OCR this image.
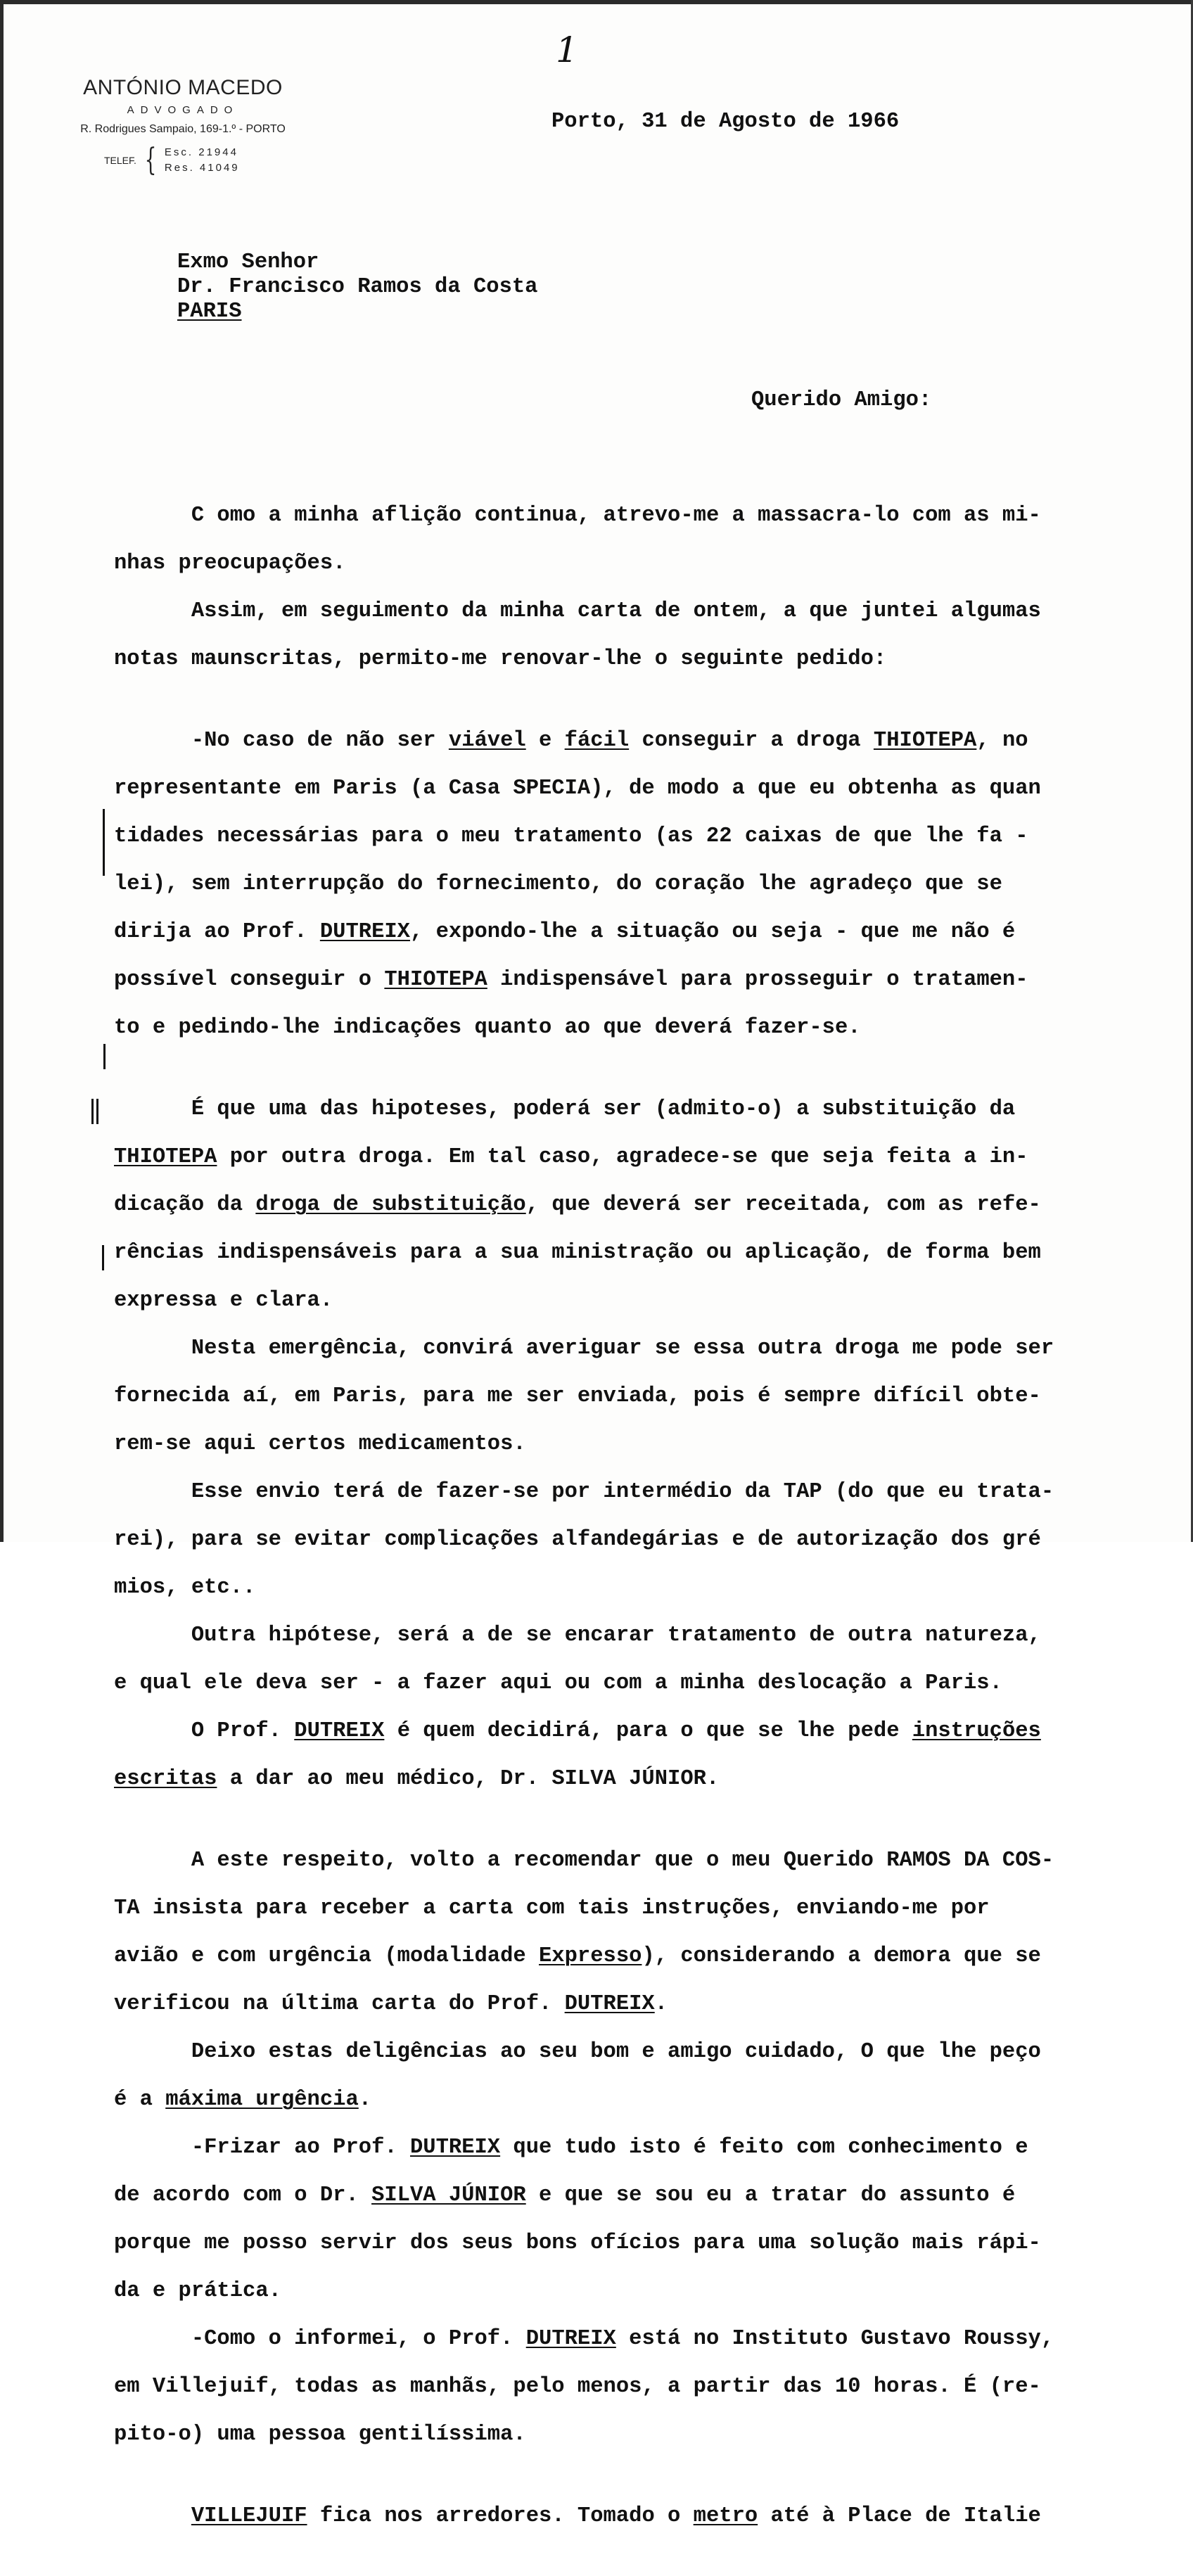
ANTÓNIO MACEDO
ADVOGADO
R. Rodrigues Sampaio, 169-1.º - PORTO
TELEF. { Esc. 21944
Res. 41049
1
Porto, 31 de Agosto de 1966
Exmo Senhor
Dr. Francisco Ramos da Costa
PARIS
Querido Amigo:

C omo a minha aflição continua, atrevo-me a massacra-lo com as mi-

nhas preocupações.

Assim, em seguimento da minha carta de ontem, a que juntei algumas

notas maunscritas, permito-me renovar-lhe o seguinte pedido:

-No caso de não ser viável e fácil conseguir a droga THIOTEPA, no

representante em Paris (a Casa SPECIA), de modo a que eu obtenha as quan

tidades necessárias para o meu tratamento (as 22 caixas de que lhe fa -

lei), sem interrupção do fornecimento, do coração lhe agradeço que se

dirija ao Prof. DUTREIX, expondo-lhe a situação ou seja - que me não é

possível conseguir o THIOTEPA indispensável para prosseguir o tratamen-

to e pedindo-lhe indicações quanto ao que deverá fazer-se.

É que uma das hipoteses, poderá ser (admito-o) a substituição da

THIOTEPA por outra droga. Em tal caso, agradece-se que seja feita a in-

dicação da droga de substituição, que deverá ser receitada, com as refe-

rências indispensáveis para a sua ministração ou aplicação, de forma bem

expressa e clara.

Nesta emergência, convirá averiguar se essa outra droga me pode ser

fornecida aí, em Paris, para me ser enviada, pois é sempre difícil obte-

rem-se aqui certos medicamentos.

Esse envio terá de fazer-se por intermédio da TAP (do que eu trata-

rei), para se evitar complicações alfandegárias e de autorização dos gré

mios, etc..

Outra hipótese, será a de se encarar tratamento de outra natureza,

e qual ele deva ser - a fazer aqui ou com a minha deslocação a Paris.

O Prof. DUTREIX é quem decidirá, para o que se lhe pede instruções

escritas a dar ao meu médico, Dr. SILVA JÚNIOR.

A este respeito, volto a recomendar que o meu Querido RAMOS DA COS-

TA insista para receber a carta com tais instruções, enviando-me por

avião e com urgência (modalidade Expresso), considerando a demora que se

verificou na última carta do Prof. DUTREIX.

Deixo estas deligências ao seu bom e amigo cuidado, O que lhe peço

é a máxima urgência.

-Frizar ao Prof. DUTREIX que tudo isto é feito com conhecimento e

de acordo com o Dr. SILVA JÚNIOR e que se sou eu a tratar do assunto é

porque me posso servir dos seus bons ofícios para uma solução mais rápi-

da e prática.

-Como o informei, o Prof. DUTREIX está no Instituto Gustavo Roussy,

em Villejuif, todas as manhãs, pelo menos, a partir das 10 horas. É (re-

pito-o) uma pessoa gentilíssima.

VILLEJUIF fica nos arredores. Tomado o metro até à Place de Italie
